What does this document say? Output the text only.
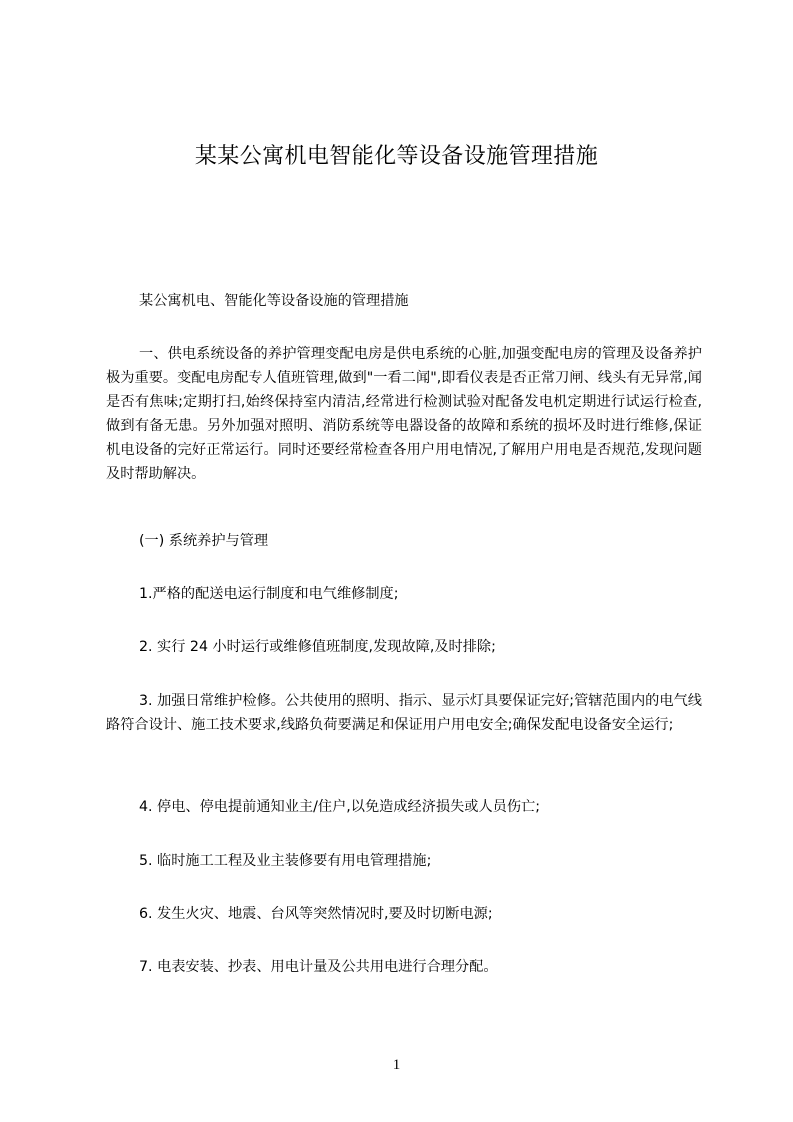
某某公寓机电智能化等设备设施管理措施
某公寓机电、智能化等设备设施的管理措施
一、供电系统设备的养护管理变配电房是供电系统的心脏,加强变配电房的管理及设备养护极为重要。变配电房配专人值班管理,做到"一看二闻",即看仪表是否正常刀闸、线头有无异常,闻是否有焦味;定期打扫,始终保持室内清洁,经常进行检测试验对配备发电机定期进行试运行检查,做到有备无患。另外加强对照明、消防系统等电器设备的故障和系统的损坏及时进行维修,保证机电设备的完好正常运行。同时还要经常检查各用户用电情况,了解用户用电是否规范,发现问题及时帮助解决。
(一) 系统养护与管理
1.严格的配送电运行制度和电气维修制度;
2. 实行 24 小时运行或维修值班制度,发现故障,及时排除;
3. 加强日常维护检修。公共使用的照明、指示、显示灯具要保证完好;管辖范围内的电气线路符合设计、施工技术要求,线路负荷要满足和保证用户用电安全;确保发配电设备安全运行;
4. 停电、停电提前通知业主/住户,以免造成经济损失或人员伤亡;
5. 临时施工工程及业主装修要有用电管理措施;
6. 发生火灾、地震、台风等突然情况时,要及时切断电源;
7. 电表安装、抄表、用电计量及公共用电进行合理分配。
1
